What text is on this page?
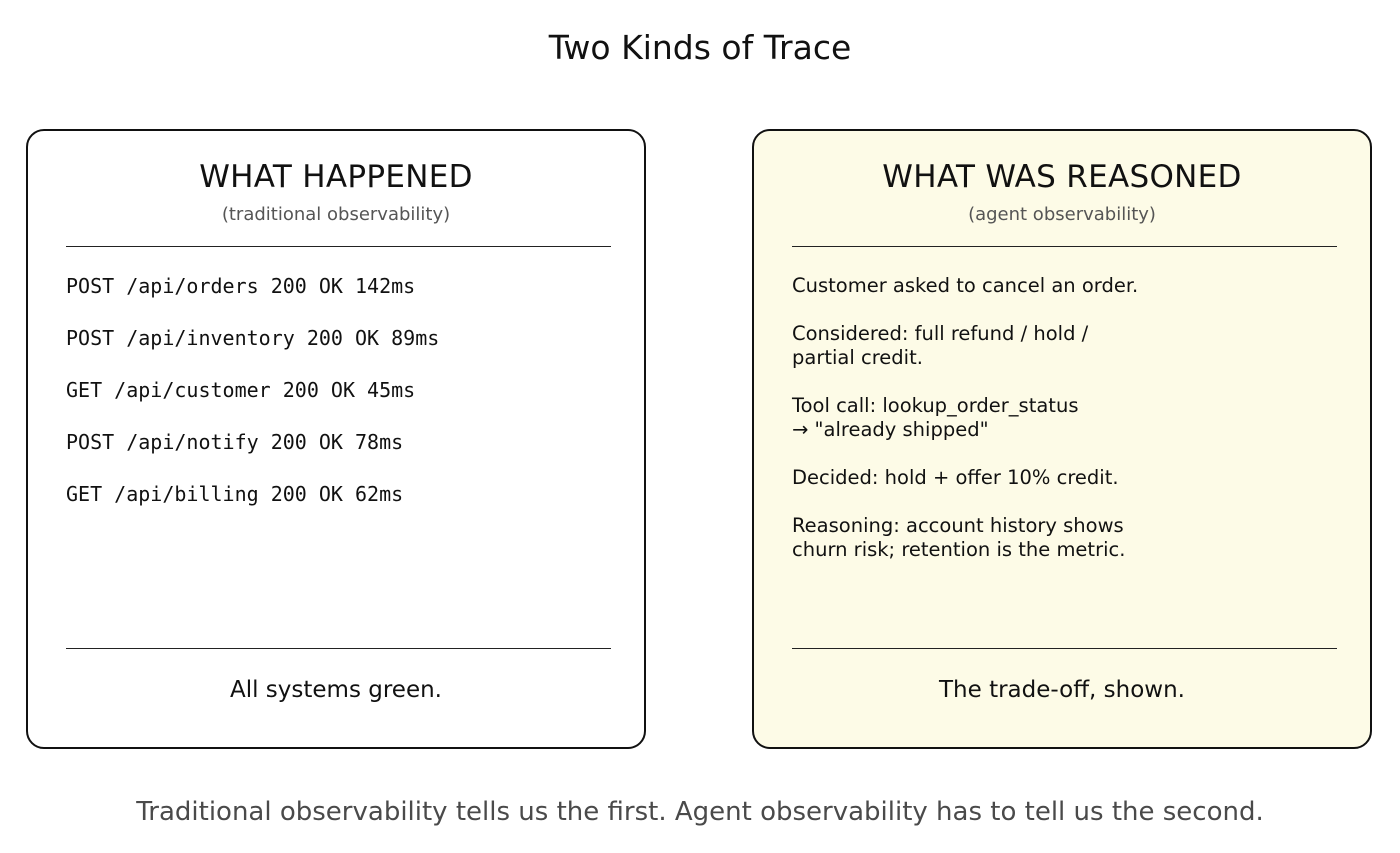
Two Kinds of Trace
WHAT HAPPENED
(traditional observability)
POST /api/orders 200 OK 142ms
POST /api/inventory 200 OK 89ms
GET /api/customer 200 OK 45ms
POST /api/notify 200 OK 78ms
GET /api/billing 200 OK 62ms
All systems green.
WHAT WAS REASONED
(agent observability)
Customer asked to cancel an order.
Considered: full refund / hold /
partial credit.
Tool call: lookup_order_status
→ "already shipped"
Decided: hold + offer 10% credit.
Reasoning: account history shows
churn risk; retention is the metric.
The trade-off, shown.
Traditional observability tells us the first. Agent observability has to tell us the second.
